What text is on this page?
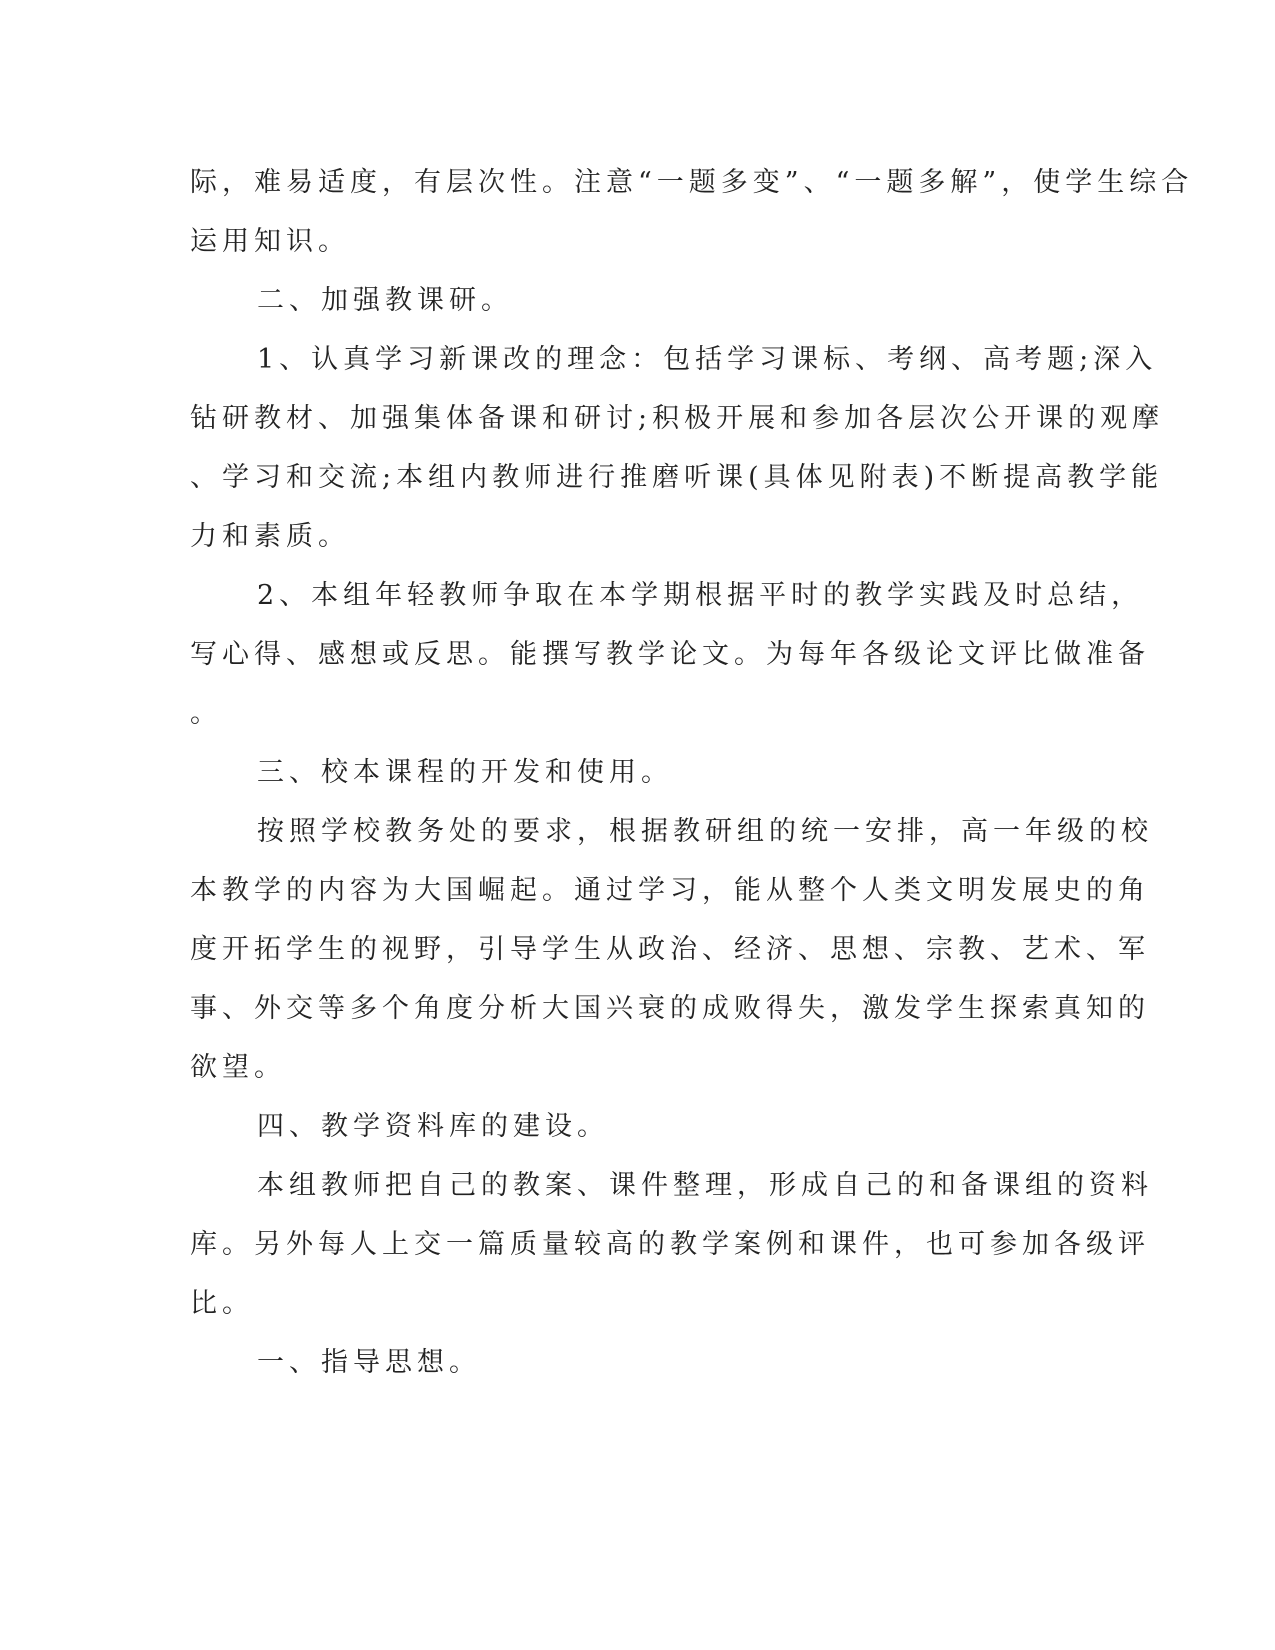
际，难易适度，有层次性。注意“一题多变”、“一题多解”，使学生综合
运用知识。
二、加强教课研。
1、认真学习新课改的理念：包括学习课标、考纲、高考题;深入
钻研教材、加强集体备课和研讨;积极开展和参加各层次公开课的观摩
、学习和交流;本组内教师进行推磨听课(具体见附表)不断提高教学能
力和素质。
2、本组年轻教师争取在本学期根据平时的教学实践及时总结，
写心得、感想或反思。能撰写教学论文。为每年各级论文评比做准备
。
三、校本课程的开发和使用。
按照学校教务处的要求，根据教研组的统一安排，高一年级的校
本教学的内容为大国崛起。通过学习，能从整个人类文明发展史的角
度开拓学生的视野，引导学生从政治、经济、思想、宗教、艺术、军
事、外交等多个角度分析大国兴衰的成败得失，激发学生探索真知的
欲望。
四、教学资料库的建设。
本组教师把自己的教案、课件整理，形成自己的和备课组的资料
库。另外每人上交一篇质量较高的教学案例和课件，也可参加各级评
比。
一、指导思想。
